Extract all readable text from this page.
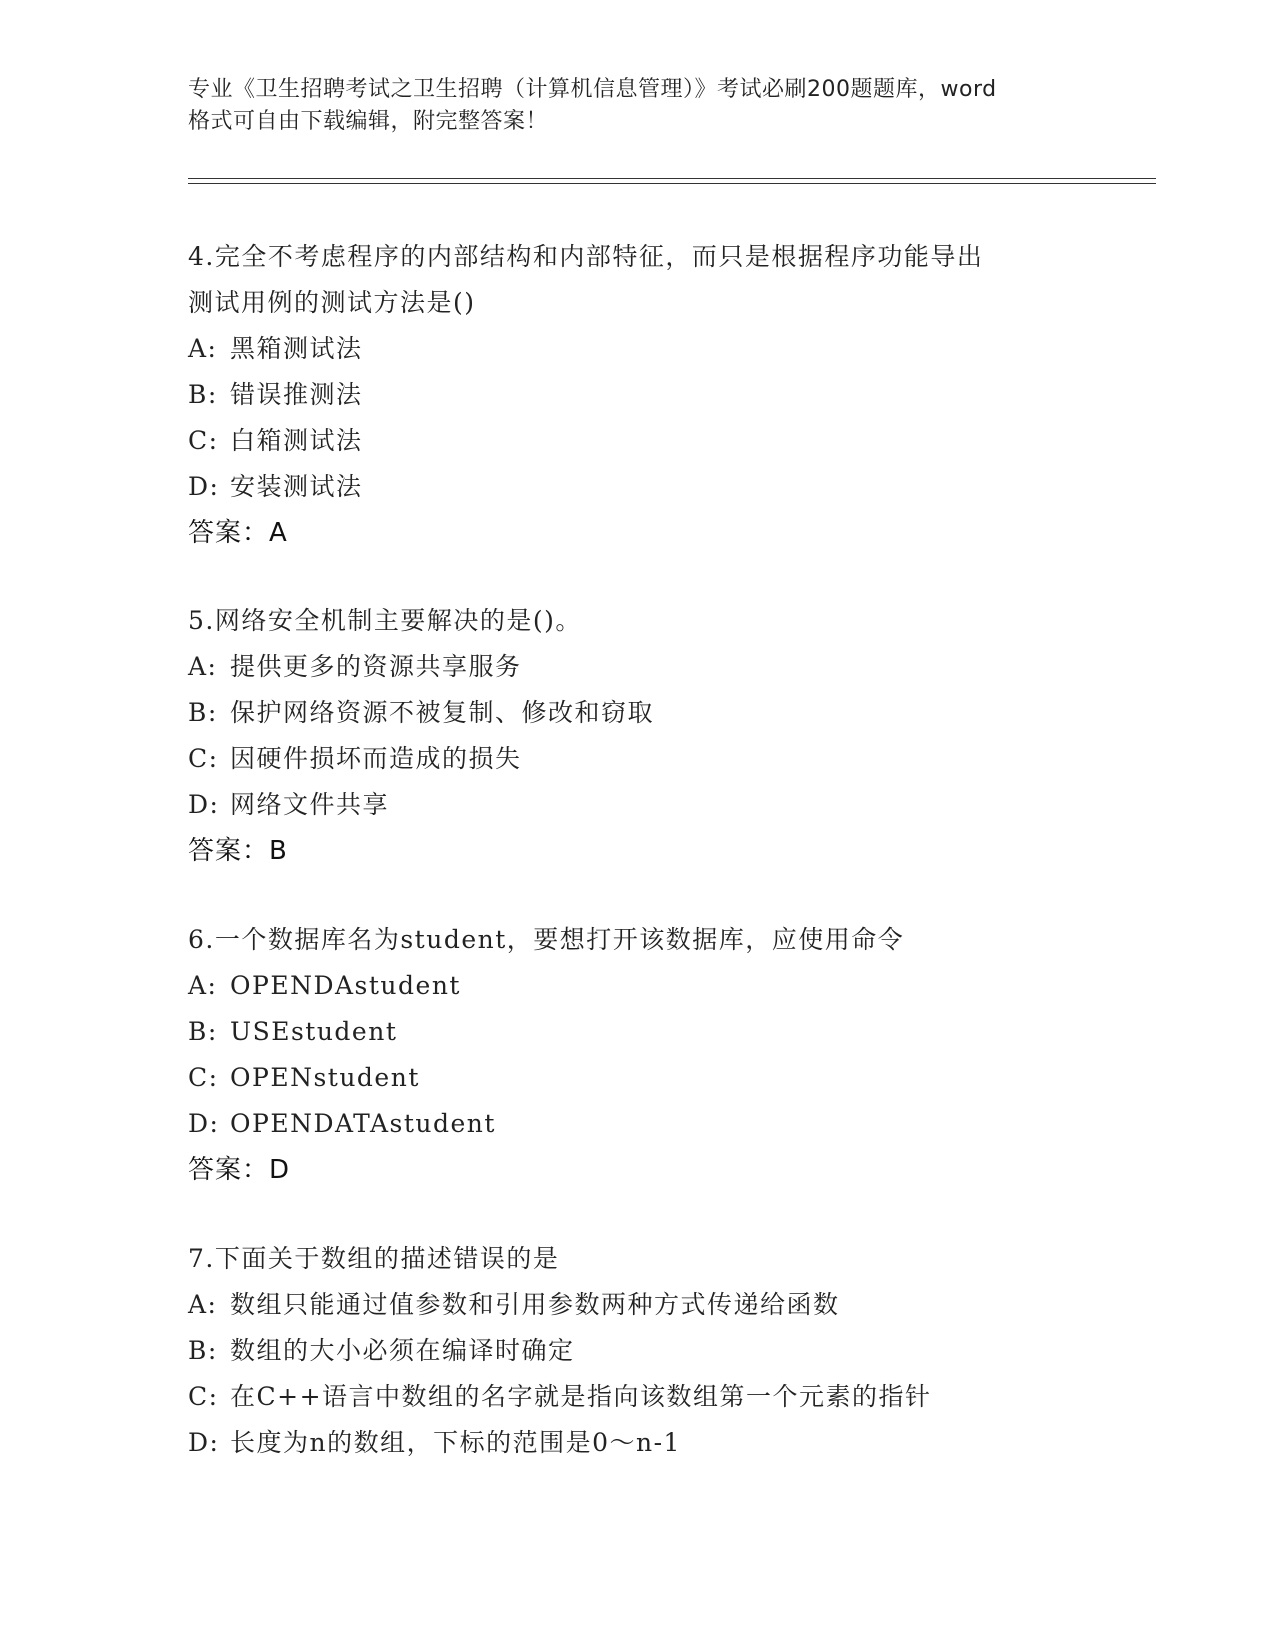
专业《卫生招聘考试之卫生招聘（计算机信息管理）》考试必刷200题题库，word
格式可自由下载编辑，附完整答案！

4.完全不考虑程序的内部结构和内部特征，而只是根据程序功能导出

测试用例的测试方法是()

A: 黑箱测试法

B: 错误推测法

C: 白箱测试法

D: 安装测试法

答案：A

5.网络安全机制主要解决的是()。

A: 提供更多的资源共享服务

B: 保护网络资源不被复制、修改和窃取

C: 因硬件损坏而造成的损失

D: 网络文件共享

答案：B

6.一个数据库名为student，要想打开该数据库，应使用命令

A: OPENDAstudent

B: USEstudent

C: OPENstudent

D: OPENDATAstudent

答案：D

7.下面关于数组的描述错误的是

A: 数组只能通过值参数和引用参数两种方式传递给函数

B: 数组的大小必须在编译时确定

C: 在C++语言中数组的名字就是指向该数组第一个元素的指针

D: 长度为n的数组，下标的范围是0～n-1
